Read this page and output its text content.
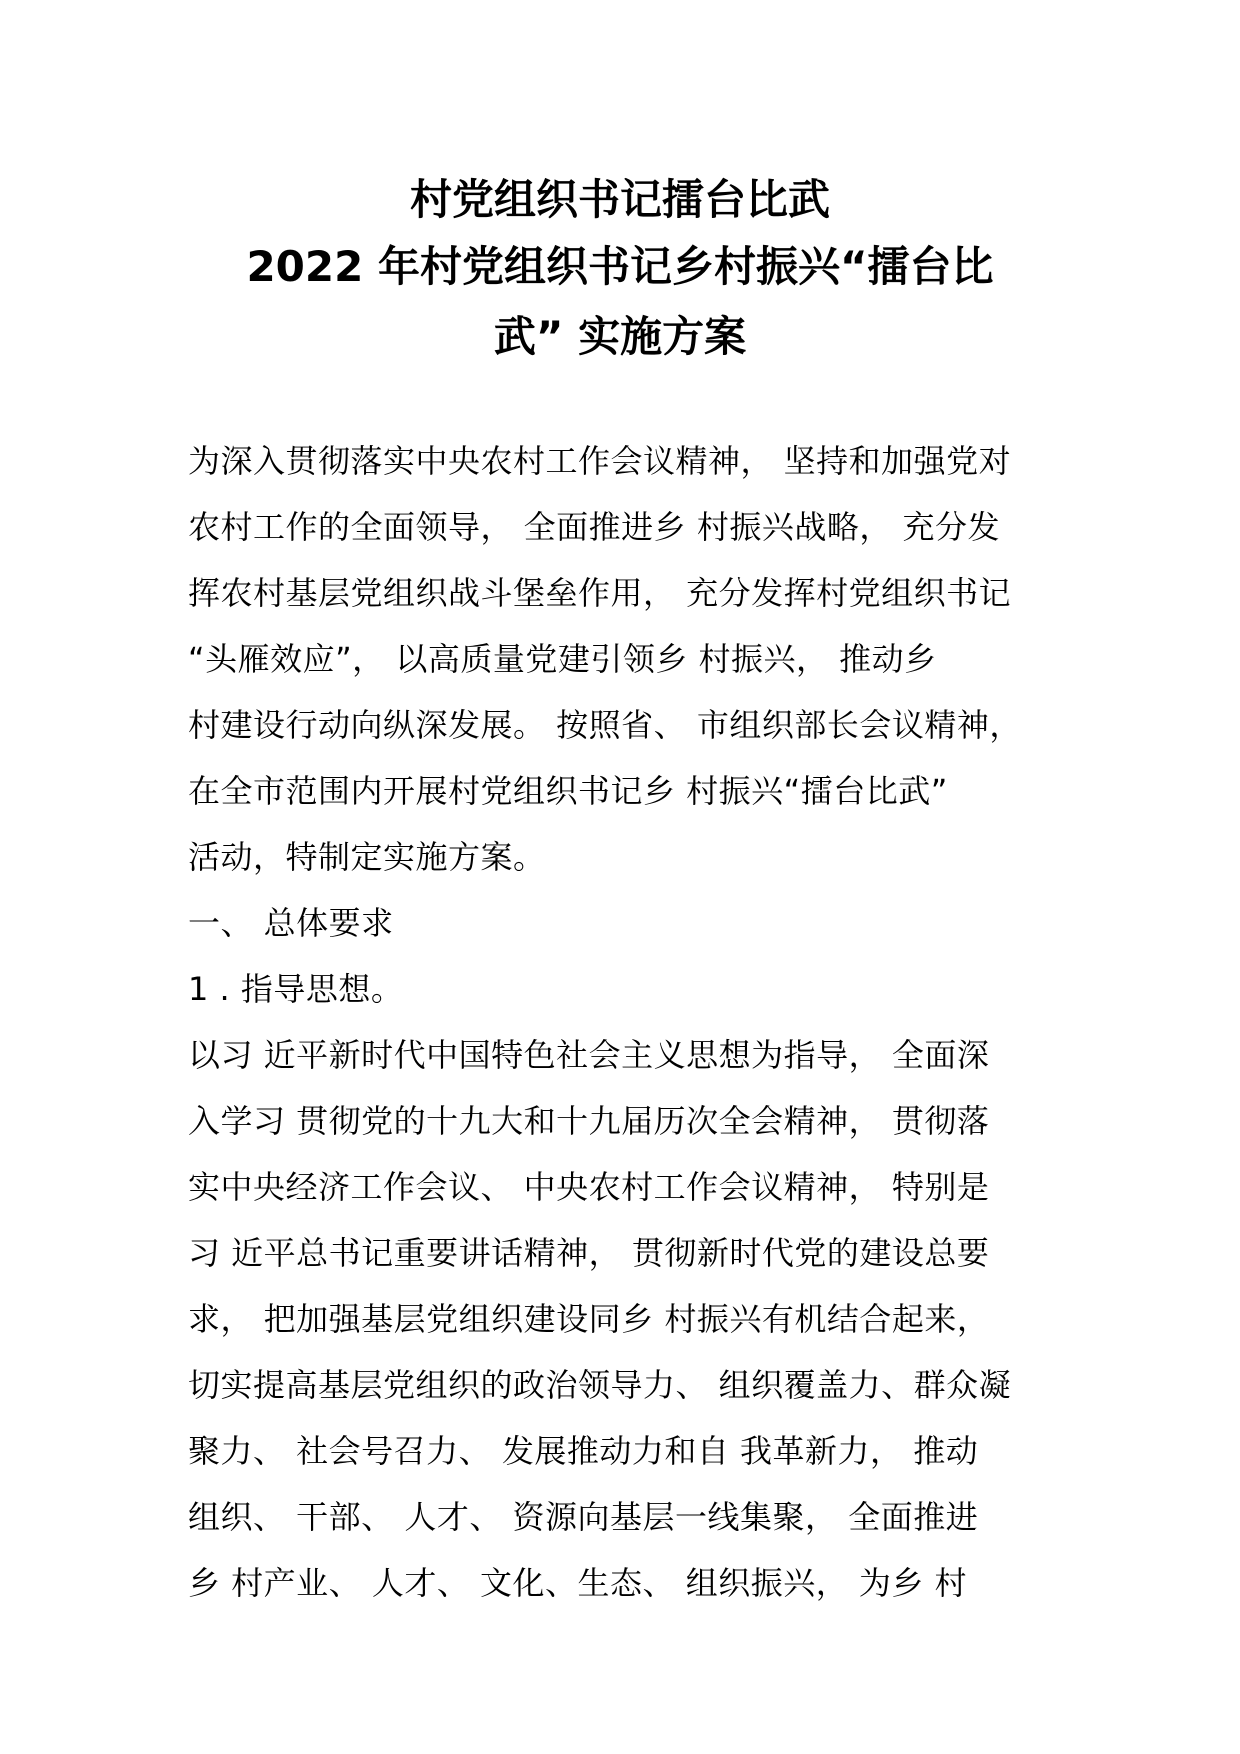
村党组织书记擂台比武
2022 年村党组织书记乡村振兴“擂台比
武” 实施方案
为深入贯彻落实中央农村工作会议精神， 坚持和加强党对
农村工作的全面领导， 全面推进乡 村振兴战略， 充分发
挥农村基层党组织战斗堡垒作用， 充分发挥村党组织书记
“头雁效应”， 以高质量党建引领乡 村振兴， 推动乡
村建设行动向纵深发展。 按照省、 市组织部长会议精神，
在全市范围内开展村党组织书记乡 村振兴“擂台比武”
活动，特制定实施方案。
一、 总体要求
1 . 指导思想。
以习 近平新时代中国特色社会主义思想为指导， 全面深
入学习 贯彻党的十九大和十九届历次全会精神， 贯彻落
实中央经济工作会议、 中央农村工作会议精神， 特别是
习 近平总书记重要讲话精神， 贯彻新时代党的建设总要
求， 把加强基层党组织建设同乡 村振兴有机结合起来，
切实提高基层党组织的政治领导力、 组织覆盖力、群众凝
聚力、 社会号召力、 发展推动力和自 我革新力， 推动
组织、 干部、 人才、 资源向基层一线集聚， 全面推进
乡 村产业、 人才、 文化、生态、 组织振兴， 为乡 村
